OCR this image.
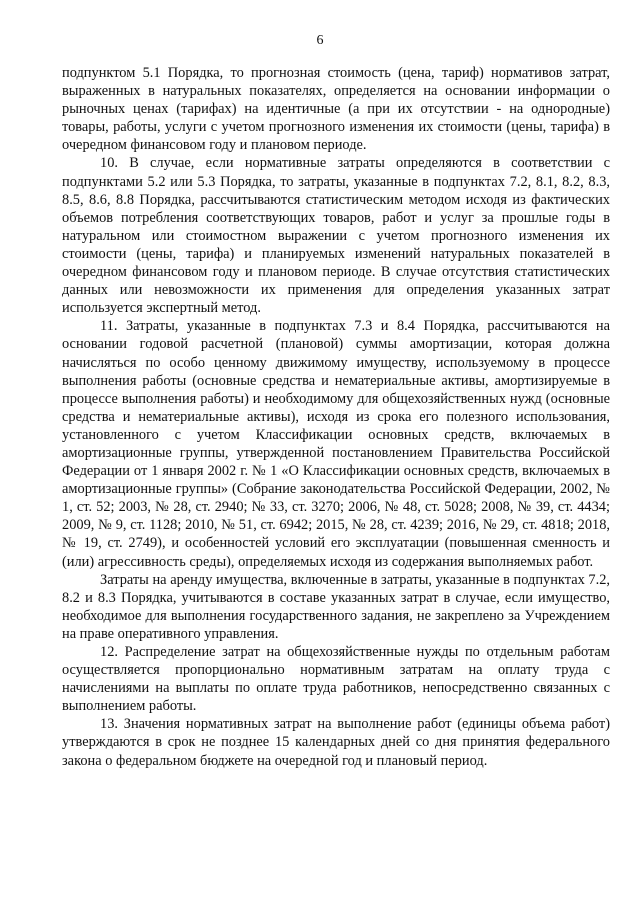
6

подпунктом 5.1 Порядка, то прогнозная стоимость (цена, тариф) нормативов затрат, выраженных в натуральных показателях, определяется на основании информации о рыночных ценах (тарифах) на идентичные (а при их отсутствии - на однородные) товары, работы, услуги с учетом прогнозного изменения их стоимости (цены, тарифа) в очередном финансовом году и плановом периоде.

10. В случае, если нормативные затраты определяются в соответствии с подпунктами 5.2 или 5.3 Порядка, то затраты, указанные в подпунктах 7.2, 8.1, 8.2, 8.3, 8.5, 8.6, 8.8 Порядка, рассчитываются статистическим методом исходя из фактических объемов потребления соответствующих товаров, работ и услуг за прошлые годы в натуральном или стоимостном выражении с учетом прогнозного изменения их стоимости (цены, тарифа) и планируемых изменений натуральных показателей в очередном финансовом году и плановом периоде. В случае отсутствия статистических данных или невозможности их применения для определения указанных затрат используется экспертный метод.

11. Затраты, указанные в подпунктах 7.3 и 8.4 Порядка, рассчитываются на основании годовой расчетной (плановой) суммы амортизации, которая должна начисляться по особо ценному движимому имуществу, используемому в процессе выполнения работы (основные средства и нематериальные активы, амортизируемые в процессе выполнения работы) и необходимому для общехозяйственных нужд (основные средства и нематериальные активы), исходя из срока его полезного использования, установленного с учетом Классификации основных средств, включаемых в амортизационные группы, утвержденной постановлением Правительства Российской Федерации от 1 января 2002 г. № 1 «О Классификации основных средств, включаемых в амортизационные группы» (Собрание законодательства Российской Федерации, 2002, № 1, ст. 52; 2003, № 28, ст. 2940; № 33, ст. 3270; 2006, № 48, ст. 5028; 2008, № 39, ст. 4434; 2009, № 9, ст. 1128; 2010, № 51, ст. 6942; 2015, № 28, ст. 4239; 2016, № 29, ст. 4818; 2018, № 19, ст. 2749), и особенностей условий его эксплуатации (повышенная сменность и (или) агрессивность среды), определяемых исходя из содержания выполняемых работ.

Затраты на аренду имущества, включенные в затраты, указанные в подпунктах 7.2, 8.2 и 8.3 Порядка, учитываются в составе указанных затрат в случае, если имущество, необходимое для выполнения государственного задания, не закреплено за Учреждением на праве оперативного управления.

12. Распределение затрат на общехозяйственные нужды по отдельным работам осуществляется пропорционально нормативным затратам на оплату труда с начислениями на выплаты по оплате труда работников, непосредственно связанных с выполнением работы.

13. Значения нормативных затрат на выполнение работ (единицы объема работ) утверждаются в срок не позднее 15 календарных дней со дня принятия федерального закона о федеральном бюджете на очередной год и плановый период.
